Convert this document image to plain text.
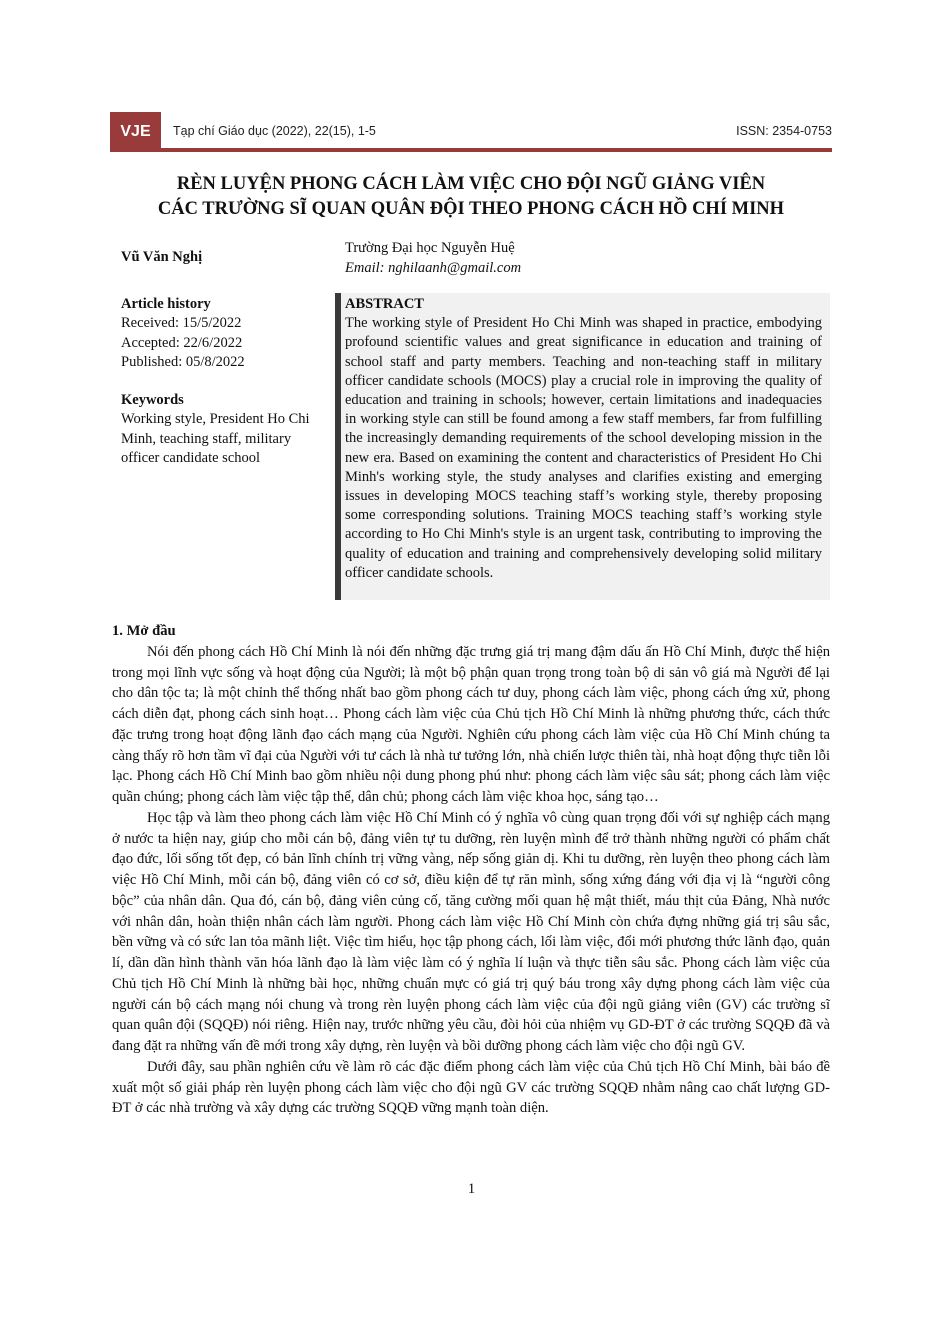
VJE	Tạp chí Giáo dục (2022), 22(15), 1-5	ISSN: 2354-0753
RÈN LUYỆN PHONG CÁCH LÀM VIỆC CHO ĐỘI NGŨ GIẢNG VIÊN
CÁC TRƯỜNG SĨ QUAN QUÂN ĐỘI THEO PHONG CÁCH HỒ CHÍ MINH
Vũ Văn Nghị
Trường Đại học Nguyễn Huệ
Email: nghilaanh@gmail.com
Article history
Received: 15/5/2022
Accepted: 22/6/2022
Published: 05/8/2022
Keywords
Working style, President Ho Chi Minh, teaching staff, military officer candidate school
ABSTRACT
The working style of President Ho Chi Minh was shaped in practice, embodying profound scientific values and great significance in education and training of school staff and party members. Teaching and non-teaching staff in military officer candidate schools (MOCS) play a crucial role in improving the quality of education and training in schools; however, certain limitations and inadequacies in working style can still be found among a few staff members, far from fulfilling the increasingly demanding requirements of the school developing mission in the new era. Based on examining the content and characteristics of President Ho Chi Minh's working style, the study analyses and clarifies existing and emerging issues in developing MOCS teaching staff’s working style, thereby proposing some corresponding solutions. Training MOCS teaching staff’s working style according to Ho Chi Minh's style is an urgent task, contributing to improving the quality of education and training and comprehensively developing solid military officer candidate schools.
1. Mở đầu

Nói đến phong cách Hồ Chí Minh là nói đến những đặc trưng giá trị mang đậm dấu ấn Hồ Chí Minh, được thể hiện trong mọi lĩnh vực sống và hoạt động của Người; là một bộ phận quan trọng trong toàn bộ di sản vô giá mà Người để lại cho dân tộc ta; là một chỉnh thể thống nhất bao gồm phong cách tư duy, phong cách làm việc, phong cách ứng xử, phong cách diễn đạt, phong cách sinh hoạt… Phong cách làm việc của Chủ tịch Hồ Chí Minh là những phương thức, cách thức đặc trưng trong hoạt động lãnh đạo cách mạng của Người. Nghiên cứu phong cách làm việc của Hồ Chí Minh chúng ta càng thấy rõ hơn tầm vĩ đại của Người với tư cách là nhà tư tưởng lớn, nhà chiến lược thiên tài, nhà hoạt động thực tiễn lỗi lạc. Phong cách Hồ Chí Minh bao gồm nhiều nội dung phong phú như: phong cách làm việc sâu sát; phong cách làm việc quần chúng; phong cách làm việc tập thể, dân chủ; phong cách làm việc khoa học, sáng tạo…

Học tập và làm theo phong cách làm việc Hồ Chí Minh có ý nghĩa vô cùng quan trọng đối với sự nghiệp cách mạng ở nước ta hiện nay, giúp cho mỗi cán bộ, đảng viên tự tu dưỡng, rèn luyện mình để trở thành những người có phẩm chất đạo đức, lối sống tốt đẹp, có bản lĩnh chính trị vững vàng, nếp sống giản dị. Khi tu dưỡng, rèn luyện theo phong cách làm việc Hồ Chí Minh, mỗi cán bộ, đảng viên có cơ sở, điều kiện để tự răn mình, sống xứng đáng với địa vị là “người công bộc” của nhân dân. Qua đó, cán bộ, đảng viên củng cố, tăng cường mối quan hệ mật thiết, máu thịt của Đảng, Nhà nước với nhân dân, hoàn thiện nhân cách làm người. Phong cách làm việc Hồ Chí Minh còn chứa đựng những giá trị sâu sắc, bền vững và có sức lan tỏa mãnh liệt. Việc tìm hiểu, học tập phong cách, lối làm việc, đổi mới phương thức lãnh đạo, quản lí, dần dần hình thành văn hóa lãnh đạo là làm việc làm có ý nghĩa lí luận và thực tiễn sâu sắc. Phong cách làm việc của Chủ tịch Hồ Chí Minh là những bài học, những chuẩn mực có giá trị quý báu trong xây dựng phong cách làm việc của người cán bộ cách mạng nói chung và trong rèn luyện phong cách làm việc của đội ngũ giảng viên (GV) các trường sĩ quan quân đội (SQQĐ) nói riêng. Hiện nay, trước những yêu cầu, đòi hỏi của nhiệm vụ GD-ĐT ở các trường SQQĐ đã và đang đặt ra những vấn đề mới trong xây dựng, rèn luyện và bồi dưỡng phong cách làm việc cho đội ngũ GV.

Dưới đây, sau phần nghiên cứu về làm rõ các đặc điểm phong cách làm việc của Chủ tịch Hồ Chí Minh, bài báo đề xuất một số giải pháp rèn luyện phong cách làm việc cho đội ngũ GV các trường SQQĐ nhằm nâng cao chất lượng GD-ĐT ở các nhà trường và xây dựng các trường SQQĐ vững mạnh toàn diện.

1
